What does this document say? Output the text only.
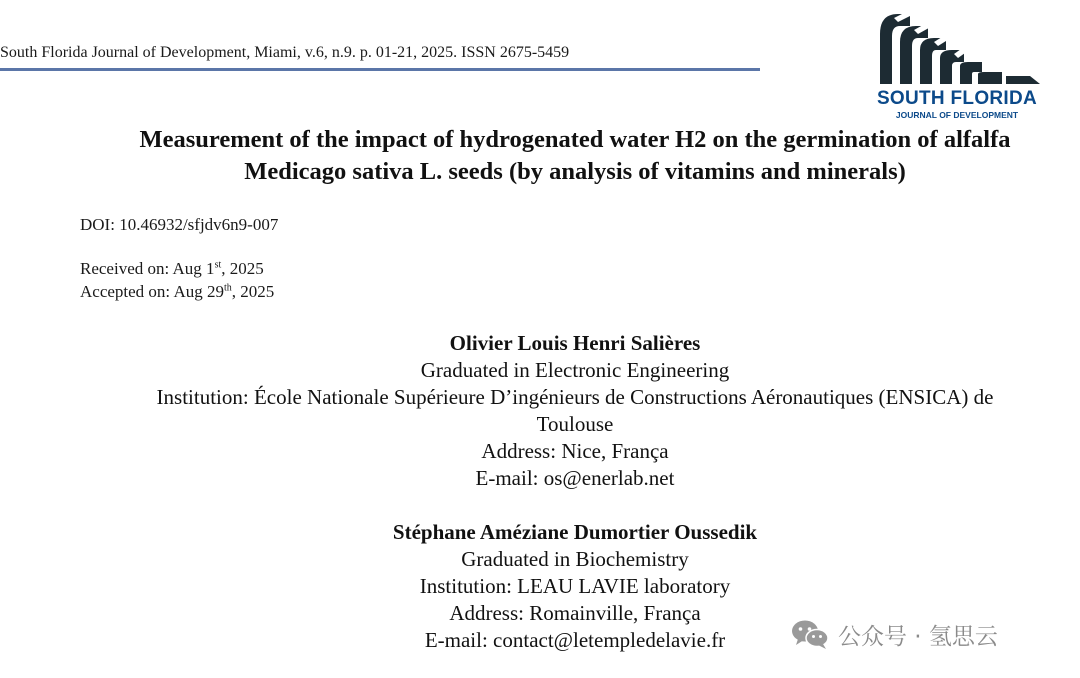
South Florida Journal of Development, Miami, v.6, n.9. p. 01-21, 2025. ISSN 2675-5459
SOUTH FLORIDA
JOURNAL OF DEVELOPMENT
Measurement of the impact of hydrogenated water H2 on the germination of alfalfa
Medicago sativa L. seeds (by analysis of vitamins and minerals)
DOI: 10.46932/sfjdv6n9-007
Received on: Aug 1st, 2025
Accepted on: Aug 29th, 2025
Olivier Louis Henri Salières
Graduated in Electronic Engineering
Institution: École Nationale Supérieure D’ingénieurs de Constructions Aéronautiques (ENSICA) de
Toulouse
Address: Nice, França
E-mail: os@enerlab.net
Stéphane Améziane Dumortier Oussedik
Graduated in Biochemistry
Institution: LEAU LAVIE laboratory
Address: Romainville, França
E-mail: contact@letempledelavie.fr	公众号 · 氢思云
